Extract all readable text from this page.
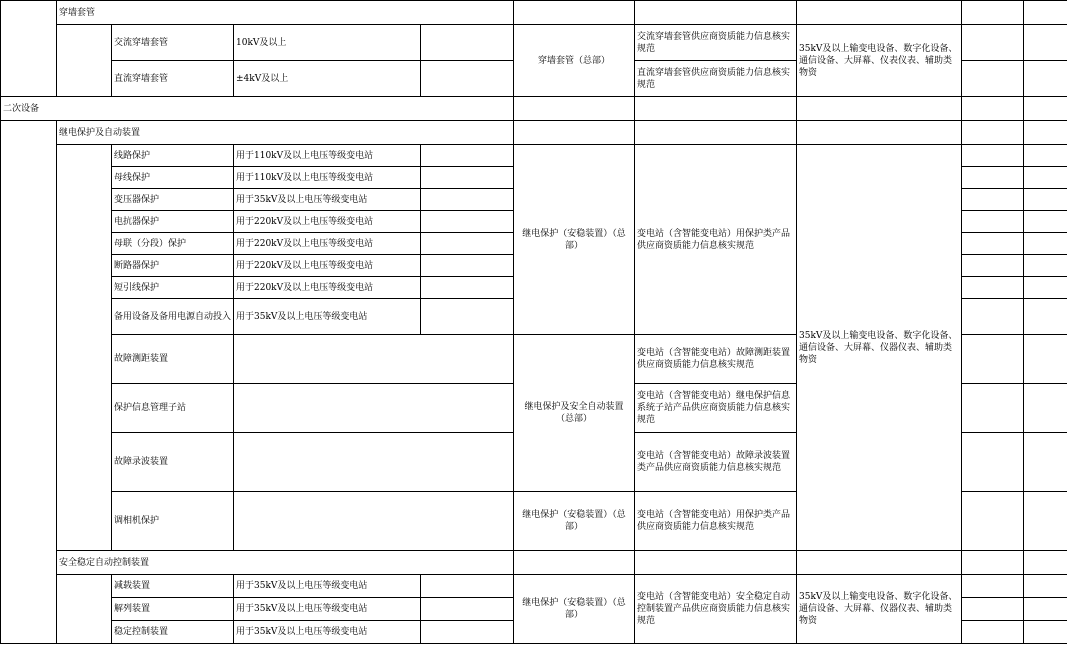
	穿墙套管								
		交流穿墙套管	10kV及以上		穿墙套管（总部）	交流穿墙套管供应商资质能力信息核实规范	35kV及以上输变电设备、数字化设备、通信设备、大屏幕、仪表仪表、辅助类物资		
		直流穿墙套管	±4kV及以上			直流穿墙套管供应商资质能力信息核实规范			
二次设备									
	继电保护及自动装置								
		线路保护	用于110kV及以上电压等级变电站		继电保护（安稳装置）（总部）	变电站（含智能变电站）用保护类产品供应商资质能力信息核实规范	35kV及以上输变电设备、数字化设备、通信设备、大屏幕、仪器仪表、辅助类物资		
		母线保护	用于110kV及以上电压等级变电站						
		变压器保护	用于35kV及以上电压等级变电站						
		电抗器保护	用于220kV及以上电压等级变电站						
		母联（分段）保护	用于220kV及以上电压等级变电站						
		断路器保护	用于220kV及以上电压等级变电站						
		短引线保护	用于220kV及以上电压等级变电站						
		备用设备及备用电源自动投入	用于35kV及以上电压等级变电站						
		故障测距装置			继电保护及安全自动装置（总部）	变电站（含智能变电站）故障测距装置供应商资质能力信息核实规范			
		保护信息管理子站				变电站（含智能变电站）继电保护信息系统子站产品供应商资质能力信息核实规范			
		故障录波装置				变电站（含智能变电站）故障录波装置类产品供应商资质能力信息核实规范			
		调相机保护			继电保护（安稳装置）（总部）	变电站（含智能变电站）用保护类产品供应商资质能力信息核实规范			
	安全稳定自动控制装置								
		减载装置	用于35kV及以上电压等级变电站		继电保护（安稳装置）（总部）	变电站（含智能变电站）安全稳定自动控制装置产品供应商资质能力信息核实规范	35kV及以上输变电设备、数字化设备、通信设备、大屏幕、仪器仪表、辅助类物资		
		解列装置	用于35kV及以上电压等级变电站						
		稳定控制装置	用于35kV及以上电压等级变电站						
